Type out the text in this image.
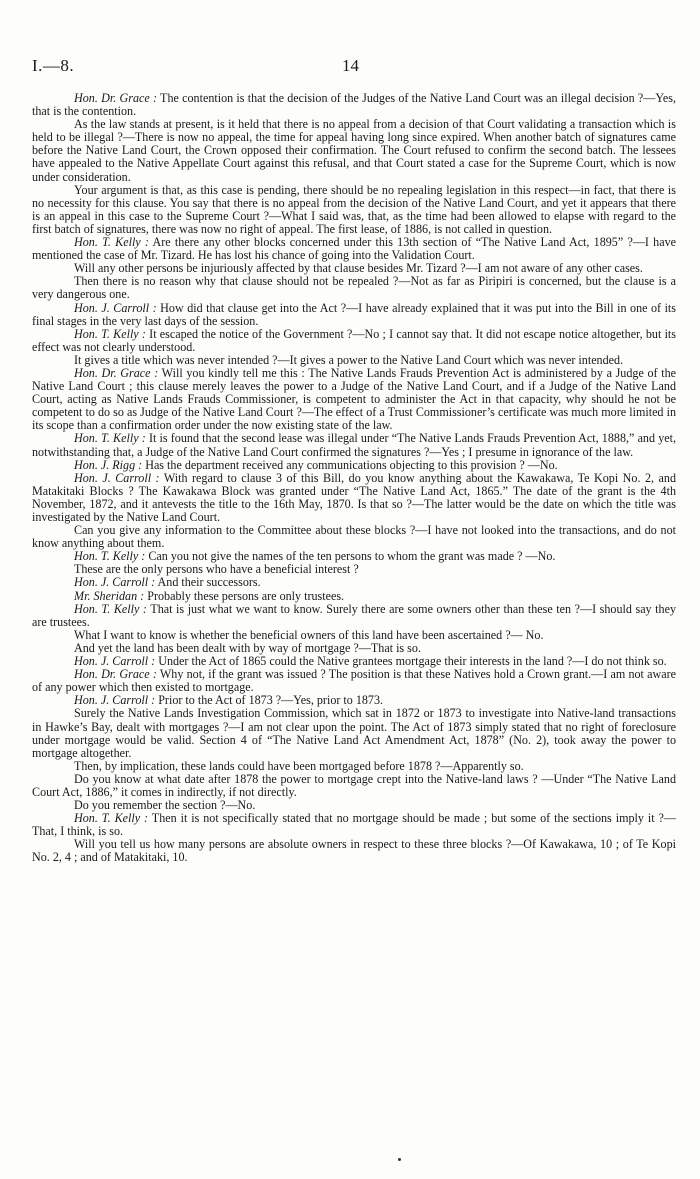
I.—8.	14

Hon. Dr. Grace : The contention is that the decision of the Judges of the Native Land Court was an illegal decision ?—Yes, that is the contention.

As the law stands at present, is it held that there is no appeal from a decision of that Court validating a transaction which is held to be illegal ?—There is now no appeal, the time for appeal having long since expired. When another batch of signatures came before the Native Land Court, the Crown opposed their confirmation. The Court refused to confirm the second batch. The lessees have appealed to the Native Appellate Court against this refusal, and that Court stated a case for the Supreme Court, which is now under consideration.

Your argument is that, as this case is pending, there should be no repealing legislation in this respect—in fact, that there is no necessity for this clause. You say that there is no appeal from the decision of the Native Land Court, and yet it appears that there is an appeal in this case to the Supreme Court ?—What I said was, that, as the time had been allowed to elapse with regard to the first batch of signatures, there was now no right of appeal. The first lease, of 1886, is not called in question.

Hon. T. Kelly : Are there any other blocks concerned under this 13th section of “The Native Land Act, 1895” ?—I have mentioned the case of Mr. Tizard. He has lost his chance of going into the Validation Court.

Will any other persons be injuriously affected by that clause besides Mr. Tizard ?—I am not aware of any other cases.

Then there is no reason why that clause should not be repealed ?—Not as far as Piripiri is concerned, but the clause is a very dangerous one.

Hon. J. Carroll : How did that clause get into the Act ?—I have already explained that it was put into the Bill in one of its final stages in the very last days of the session.

Hon. T. Kelly : It escaped the notice of the Government ?—No ; I cannot say that. It did not escape notice altogether, but its effect was not clearly understood.

It gives a title which was never intended ?—It gives a power to the Native Land Court which was never intended.

Hon. Dr. Grace : Will you kindly tell me this : The Native Lands Frauds Prevention Act is administered by a Judge of the Native Land Court ; this clause merely leaves the power to a Judge of the Native Land Court, and if a Judge of the Native Land Court, acting as Native Lands Frauds Commissioner, is competent to administer the Act in that capacity, why should he not be competent to do so as Judge of the Native Land Court ?—The effect of a Trust Commissioner’s certificate was much more limited in its scope than a confirmation order under the now existing state of the law.

Hon. T. Kelly : It is found that the second lease was illegal under “The Native Lands Frauds Prevention Act, 1888,” and yet, notwithstanding that, a Judge of the Native Land Court confirmed the signatures ?—Yes ; I presume in ignorance of the law.

Hon. J. Rigg : Has the department received any communications objecting to this provision ? —No.

Hon. J. Carroll : With regard to clause 3 of this Bill, do you know anything about the Kawakawa, Te Kopi No. 2, and Matakitaki Blocks ? The Kawakawa Block was granted under “The Native Land Act, 1865.” The date of the grant is the 4th November, 1872, and it antevests the title to the 16th May, 1870. Is that so ?—The latter would be the date on which the title was investigated by the Native Land Court.

Can you give any information to the Committee about these blocks ?—I have not looked into the transactions, and do not know anything about them.

Hon. T. Kelly : Can you not give the names of the ten persons to whom the grant was made ? —No.

These are the only persons who have a beneficial interest ?

Hon. J. Carroll : And their successors.

Mr. Sheridan : Probably these persons are only trustees.

Hon. T. Kelly : That is just what we want to know. Surely there are some owners other than these ten ?—I should say they are trustees.

What I want to know is whether the beneficial owners of this land have been ascertained ?— No.

And yet the land has been dealt with by way of mortgage ?—That is so.

Hon. J. Carroll : Under the Act of 1865 could the Native grantees mortgage their interests in the land ?—I do not think so.

Hon. Dr. Grace : Why not, if the grant was issued ? The position is that these Natives hold a Crown grant.—I am not aware of any power which then existed to mortgage.

Hon. J. Carroll : Prior to the Act of 1873 ?—Yes, prior to 1873.

Surely the Native Lands Investigation Commission, which sat in 1872 or 1873 to investigate into Native-land transactions in Hawke’s Bay, dealt with mortgages ?—I am not clear upon the point. The Act of 1873 simply stated that no right of foreclosure under mortgage would be valid. Section 4 of “The Native Land Act Amendment Act, 1878” (No. 2), took away the power to mortgage altogether.

Then, by implication, these lands could have been mortgaged before 1878 ?—Apparently so.

Do you know at what date after 1878 the power to mortgage crept into the Native-land laws ? —Under “The Native Land Court Act, 1886,” it comes in indirectly, if not directly.

Do you remember the section ?—No.

Hon. T. Kelly : Then it is not specifically stated that no mortgage should be made ; but some of the sections imply it ?—That, I think, is so.

Will you tell us how many persons are absolute owners in respect to these three blocks ?—Of Kawakawa, 10 ; of Te Kopi No. 2, 4 ; and of Matakitaki, 10.
